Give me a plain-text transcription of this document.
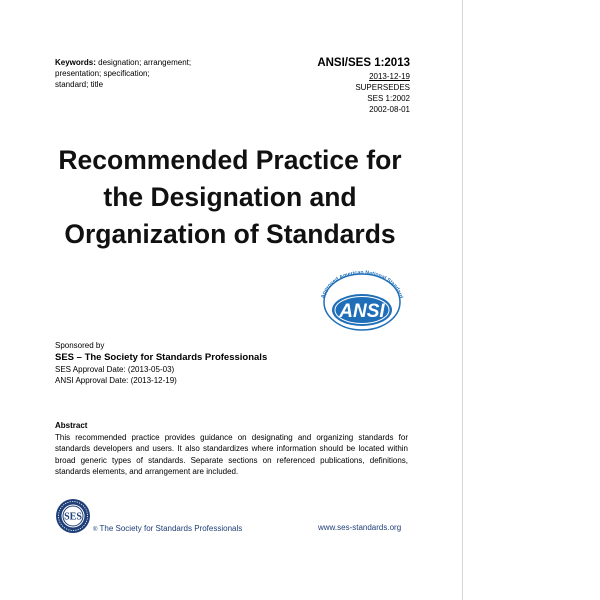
Keywords: designation; arrangement;
presentation; specification;
standard; title
ANSI/SES 1:2013
2013-12-19
SUPERSEDES
SES 1:2002
2002-08-01
Recommended Practice for
the Designation and
Organization of Standards
Approved American National Standard
ANSI
Sponsored by
SES – The Society for Standards Professionals
SES Approval Date: (2013-05-03)
ANSI Approval Date: (2013-12-19)
Abstract
This recommended practice provides guidance on designating and organizing standards for standards developers and users. It also standardizes where information should be located within broad generic types of standards. Separate sections on referenced publications, definitions, standards elements, and arrangement are included.
SES
® The Society for Standards Professionals	www.ses-standards.org
